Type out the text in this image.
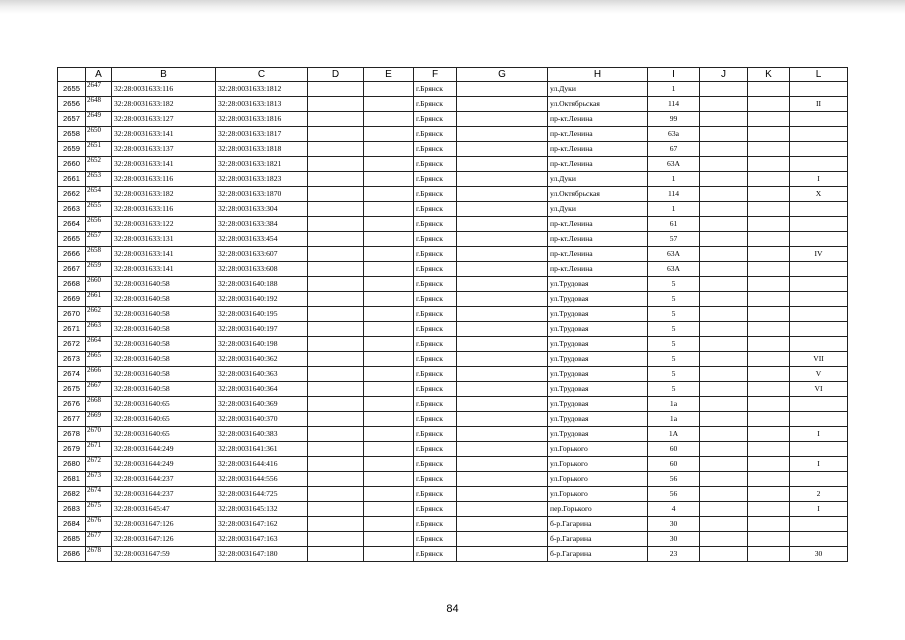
	A	B	C	D	E	F	G	H	I	J	K	L
2655	2647	32:28:0031633:116	32:28:0031633:1812			г.Брянск		ул.Дуки	1			
2656	2648	32:28:0031633:182	32:28:0031633:1813			г.Брянск		ул.Октябрьская	114			II
2657	2649	32:28:0031633:127	32:28:0031633:1816			г.Брянск		пр-кт.Ленина	99			
2658	2650	32:28:0031633:141	32:28:0031633:1817			г.Брянск		пр-кт.Ленина	63а			
2659	2651	32:28:0031633:137	32:28:0031633:1818			г.Брянск		пр-кт.Ленина	67			
2660	2652	32:28:0031633:141	32:28:0031633:1821			г.Брянск		пр-кт.Ленина	63А			
2661	2653	32:28:0031633:116	32:28:0031633:1823			г.Брянск		ул.Дуки	1			I
2662	2654	32:28:0031633:182	32:28:0031633:1870			г.Брянск		ул.Октябрьская	114			X
2663	2655	32:28:0031633:116	32:28:0031633:304			г.Брянск		ул.Дуки	1			
2664	2656	32:28:0031633:122	32:28:0031633:384			г.Брянск		пр-кт.Ленина	61			
2665	2657	32:28:0031633:131	32:28:0031633:454			г.Брянск		пр-кт.Ленина	57			
2666	2658	32:28:0031633:141	32:28:0031633:607			г.Брянск		пр-кт.Ленина	63А			IV
2667	2659	32:28:0031633:141	32:28:0031633:608			г.Брянск		пр-кт.Ленина	63А			
2668	2660	32:28:0031640:58	32:28:0031640:188			г.Брянск		ул.Трудовая	5			
2669	2661	32:28:0031640:58	32:28:0031640:192			г.Брянск		ул.Трудовая	5			
2670	2662	32:28:0031640:58	32:28:0031640:195			г.Брянск		ул.Трудовая	5			
2671	2663	32:28:0031640:58	32:28:0031640:197			г.Брянск		ул.Трудовая	5			
2672	2664	32:28:0031640:58	32:28:0031640:198			г.Брянск		ул.Трудовая	5			
2673	2665	32:28:0031640:58	32:28:0031640:362			г.Брянск		ул.Трудовая	5			VII
2674	2666	32:28:0031640:58	32:28:0031640:363			г.Брянск		ул.Трудовая	5			V
2675	2667	32:28:0031640:58	32:28:0031640:364			г.Брянск		ул.Трудовая	5			VI
2676	2668	32:28:0031640:65	32:28:0031640:369			г.Брянск		ул.Трудовая	1а			
2677	2669	32:28:0031640:65	32:28:0031640:370			г.Брянск		ул.Трудовая	1а			
2678	2670	32:28:0031640:65	32:28:0031640:383			г.Брянск		ул.Трудовая	1А			I
2679	2671	32:28:0031644:249	32:28:0031641:361			г.Брянск		ул.Горького	60			
2680	2672	32:28:0031644:249	32:28:0031644:416			г.Брянск		ул.Горького	60			I
2681	2673	32:28:0031644:237	32:28:0031644:556			г.Брянск		ул.Горького	56			
2682	2674	32:28:0031644:237	32:28:0031644:725			г.Брянск		ул.Горького	56			2
2683	2675	32:28:0031645:47	32:28:0031645:132			г.Брянск		пер.Горького	4			I
2684	2676	32:28:0031647:126	32:28:0031647:162			г.Брянск		б-р.Гагарина	30			
2685	2677	32:28:0031647:126	32:28:0031647:163			г.Брянск		б-р.Гагарина	30			
2686	2678	32:28:0031647:59	32:28:0031647:180			г.Брянск		б-р.Гагарина	23			30
84
